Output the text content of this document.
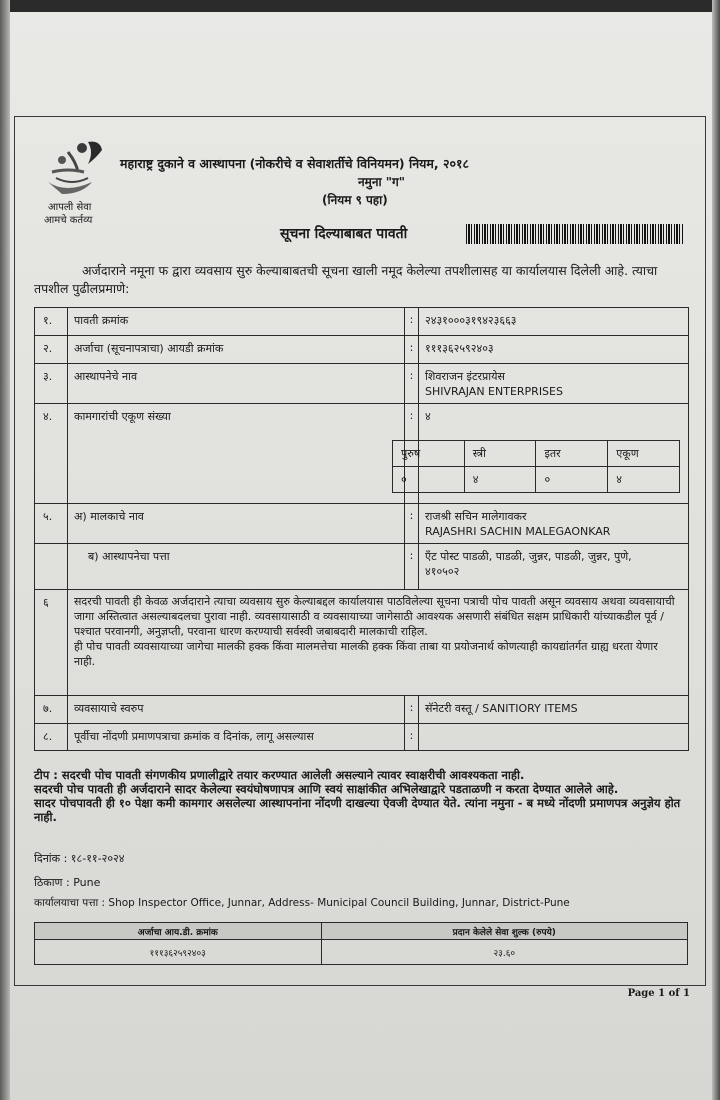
आपली सेवा
आमचे कर्तव्य
महाराष्ट्र दुकाने व आस्थापना (नोकरीचे व सेवाशर्तीचे विनियमन) नियम, २०१८
नमुना "ग"
(नियम ९ पहा)
सूचना दिल्याबाबत पावती
अर्जदाराने नमूना फ द्वारा व्यवसाय सुरु केल्याबाबतची सूचना खाली नमूद केलेल्या तपशीलासह या कार्यालयास दिलेली आहे. त्याचा तपशील पुढीलप्रमाणे:
१.	पावती क्रमांक	:	२४३१०००३१९४२३६६३
२.	अर्जाचा (सूचनापत्राचा) आयडी क्रमांक	:	१११३६२५९२४०३
३.	आस्थापनेचे नाव	:	शिवराजन इंटरप्रायेस
SHIVRAJAN ENTERPRISES
४.	कामगारांची एकूण संख्या	:	४
पुरुष	स्त्री	इतर	एकूण
०	४	०	४
५.	अ) मालकाचे नाव	:	राजश्री सचिन मालेगावकर
RAJASHRI SACHIN MALEGAONKAR
ब) आस्थापनेचा पत्ता	:	एँट पोस्ट पाडळी, पाडळी, जुन्नर, पाडळी, जुन्नर, पुणे,
४१०५०२
६	सदरची पावती ही केवळ अर्जदाराने त्याचा व्यवसाय सुरु केल्याबद्दल कार्यालयास पाठविलेल्या सूचना पत्राची पोच पावती असून व्यवसाय अथवा व्यवसायाची जागा अस्तित्वात असल्याबदलचा पुरावा नाही. व्यवसायासाठी व व्यवसायाच्या जागेसाठी आवश्यक असणारी संबंधित सक्षम प्राधिकारी यांच्याकडील पूर्व / पश्चात परवानगी, अनुज्ञप्ती, परवाना धारण करण्याची सर्वस्वी जबाबदारी मालकाची राहिल.
ही पोच पावती व्यवसायाच्या जागेचा मालकी हक्क किंवा मालमत्तेचा मालकी हक्क किंवा ताबा या प्रयोजनार्थ कोणत्याही कायद्यांतर्गत ग्राह्य धरता येणार नाही.
७.	व्यवसायाचे स्वरुप	:	सॅनेटरी वस्तू / SANITIORY ITEMS
८.	पूर्वीचा नोंदणी प्रमाणपत्राचा क्रमांक व दिनांक, लागू असल्यास	:
टीप : सदरची पोच पावती संगणकीय प्रणालीद्वारे तयार करण्यात आलेली असल्याने त्यावर स्वाक्षरीची आवश्यकता नाही.
सदरची पोच पावती ही अर्जदाराने सादर केलेल्या स्वयंघोषणापत्र आणि स्वयं साक्षांकीत अभिलेखाद्वारे पडताळणी न करता देण्यात आलेले आहे.
सादर पोचपावती ही १० पेक्षा कमी कामगार असलेल्या आस्थापनांना नोंदणी दाखल्या ऐवजी देण्यात येते. त्यांना नमुना - ब मध्ये नोंदणी प्रमाणपत्र अनुज्ञेय होत नाही.
दिनांक : १८-११-२०२४
ठिकाण : Pune
कार्यालयाचा पत्ता : Shop Inspector Office, Junnar, Address- Municipal Council Building, Junnar, District-Pune
अर्जाचा आय.डी. क्रमांक	प्रदान केलेले सेवा शुल्क (रुपये)
१११३६२५९२४०३	२३.६०
Page 1 of 1
